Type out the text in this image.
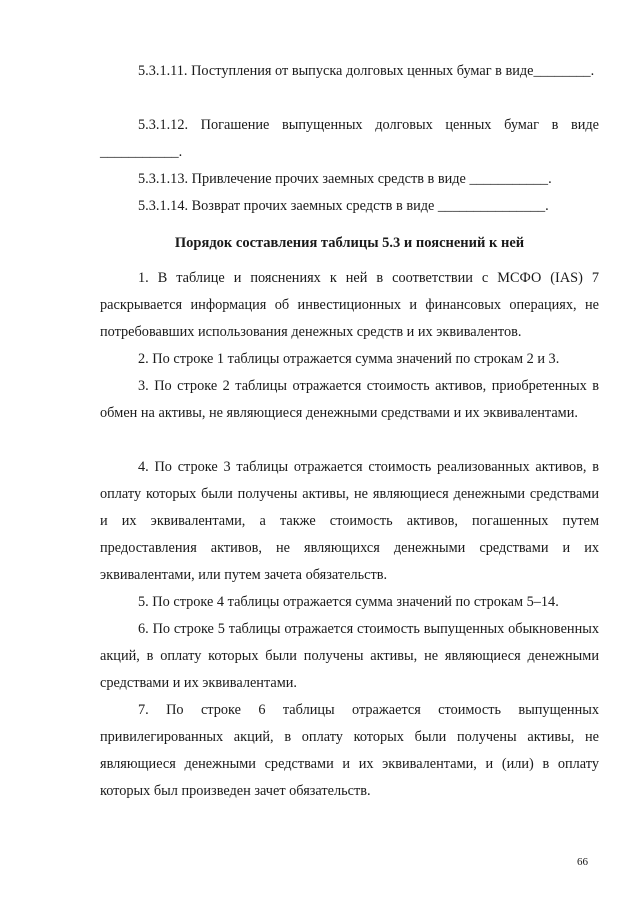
5.3.1.11. Поступления от выпуска долговых ценных бумаг в виде________.

5.3.1.12. Погашение выпущенных долговых ценных бумаг в виде ___________.

5.3.1.13. Привлечение прочих заемных средств в виде ___________.

5.3.1.14. Возврат прочих заемных средств в виде _______________.

Порядок составления таблицы 5.3 и пояснений к ней

1. В таблице и пояснениях к ней в соответствии с МСФО (IAS) 7 раскрывается информация об инвестиционных и финансовых операциях, не потребовавших использования денежных средств и их эквивалентов.

2. По строке 1 таблицы отражается сумма значений по строкам 2 и 3.

3. По строке 2 таблицы отражается стоимость активов, приобретенных в обмен на активы, не являющиеся денежными средствами и их эквивалентами.

4. По строке 3 таблицы отражается стоимость реализованных активов, в оплату которых были получены активы, не являющиеся денежными средствами и их эквивалентами, а также стоимость активов, погашенных путем предоставления активов, не являющихся денежными средствами и их эквивалентами, или путем зачета обязательств.

5. По строке 4 таблицы отражается сумма значений по строкам 5–14.

6. По строке 5 таблицы отражается стоимость выпущенных обыкновенных акций, в оплату которых были получены активы, не являющиеся денежными средствами и их эквивалентами.

7. По строке 6 таблицы отражается стоимость выпущенных привилегированных акций, в оплату которых были получены активы, не являющиеся денежными средствами и их эквивалентами, и (или) в оплату которых был произведен зачет обязательств.

66
